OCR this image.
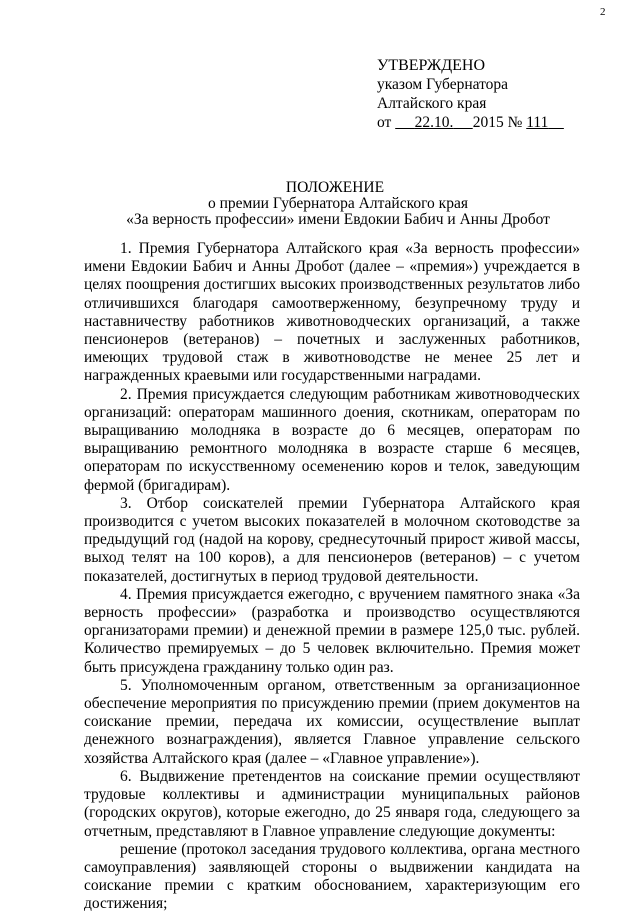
2
УТВЕРЖДЕНО
указом Губернатора
Алтайского края
от 22.10. 2015 № 111
ПОЛОЖЕНИЕ
о премии Губернатора Алтайского края
«За верность профессии» имени Евдокии Бабич и Анны Дробот

1. Премия Губернатора Алтайского края «За верность профессии» имени Евдокии Бабич и Анны Дробот (далее – «премия») учреждается в целях поощрения достигших высоких производственных результатов либо отличившихся благодаря самоотверженному, безупречному труду и наставничеству работников животноводческих организаций, а также пенсионеров (ветеранов) – почетных и заслуженных работников, имеющих трудовой стаж в животноводстве не менее 25 лет и награжденных краевыми или государственными наградами.

2. Премия присуждается следующим работникам животноводческих организаций: операторам машинного доения, скотникам, операторам по выращиванию молодняка в возрасте до 6 месяцев, операторам по выращиванию ремонтного молодняка в возрасте старше 6 месяцев, операторам по искусственному осеменению коров и телок, заведующим фермой (бригадирам).

3. Отбор соискателей премии Губернатора Алтайского края производится с учетом высоких показателей в молочном скотоводстве за предыдущий год (надой на корову, среднесуточный прирост живой массы, выход телят на 100 коров), а для пенсионеров (ветеранов) – с учетом показателей, достигнутых в период трудовой деятельности.

4. Премия присуждается ежегодно, с вручением памятного знака «За верность профессии» (разработка и производство осуществляются организаторами премии) и денежной премии в размере 125,0 тыс. рублей. Количество премируемых – до 5 человек включительно. Премия может быть присуждена гражданину только один раз.

5. Уполномоченным органом, ответственным за организационное обеспечение мероприятия по присуждению премии (прием документов на соискание премии, передача их комиссии, осуществление выплат денежного вознаграждения), является Главное управление сельского хозяйства Алтайского края (далее – «Главное управление»).

6. Выдвижение претендентов на соискание премии осуществляют трудовые коллективы и администрации муниципальных районов (городских округов), которые ежегодно, до 25 января года, следующего за отчетным, представляют в Главное управление следующие документы:

решение (протокол заседания трудового коллектива, органа местного самоуправления) заявляющей стороны о выдвижении кандидата на соискание премии с кратким обоснованием, характеризующим его достижения;
